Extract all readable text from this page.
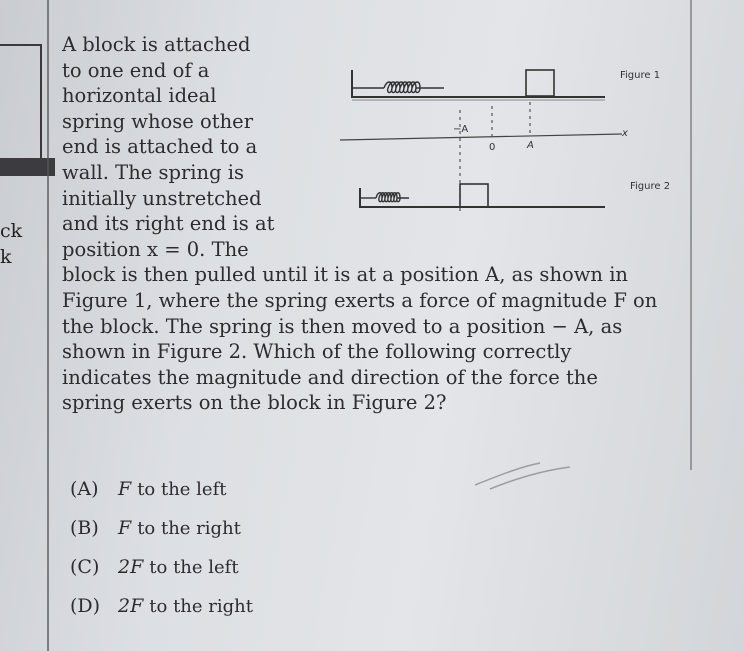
ck
k
A block is attached
to one end of a
horizontal ideal
spring whose other
end is attached to a
wall. The spring is
initially unstretched
and its right end is at
position x = 0. The
block is then pulled until it is at a position A, as shown in
Figure 1, where the spring exerts a force of magnitude F on
the block. The spring is then moved to a position − A, as
shown in Figure 2. Which of the following correctly
indicates the magnitude and direction of the force the
spring exerts on the block in Figure 2?
Figure 1
x
−A
0	A
Figure 2
(A) F to the left
(B) F to the right
(C) 2F to the left
(D) 2F to the right
